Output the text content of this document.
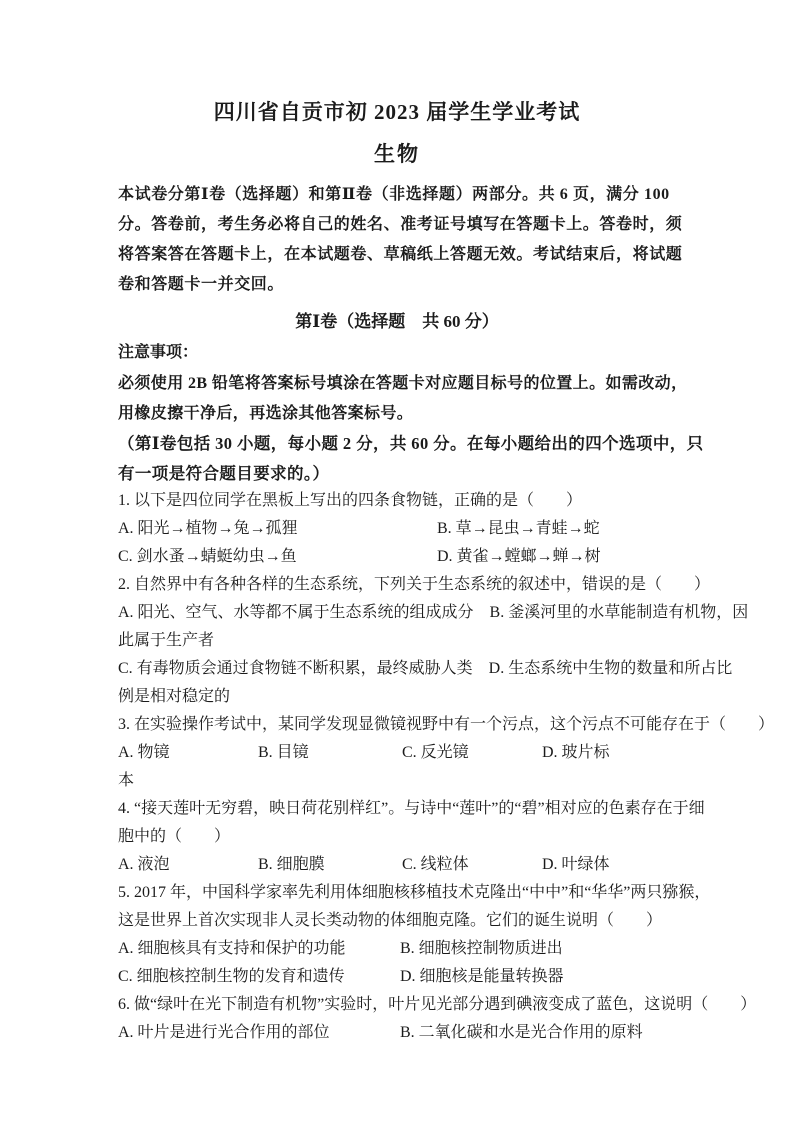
四川省自贡市初 2023 届学生学业考试
生物
本试卷分第Ⅰ卷（选择题）和第Ⅱ卷（非选择题）两部分。共 6 页，满分 100
分。答卷前，考生务必将自己的姓名、准考证号填写在答题卡上。答卷时，须
将答案答在答题卡上，在本试题卷、草稿纸上答题无效。考试结束后，将试题
卷和答题卡一并交回。
第Ⅰ卷（选择题　共 60 分）
注意事项：
必须使用 2B 铅笔将答案标号填涂在答题卡对应题目标号的位置上。如需改动，
用橡皮擦干净后，再选涂其他答案标号。
（第Ⅰ卷包括 30 小题，每小题 2 分，共 60 分。在每小题给出的四个选项中，只
有一项是符合题目要求的。）
1. 以下是四位同学在黑板上写出的四条食物链，正确的是（　　）
A. 阳光→植物→兔→孤狸	B. 草→昆虫→青蛙→蛇
C. 剑水蚤→蜻蜓幼虫→鱼	D. 黄雀→螳螂→蝉→树
2. 自然界中有各种各样的生态系统，下列关于生态系统的叙述中，错误的是（　　）
A. 阳光、空气、水等都不属于生态系统的组成成分　B. 釜溪河里的水草能制造有机物，因
此属于生产者
C. 有毒物质会通过食物链不断积累，最终威胁人类　D. 生态系统中生物的数量和所占比
例是相对稳定的
3. 在实验操作考试中，某同学发现显微镜视野中有一个污点，这个污点不可能存在于（　　）
A. 物镜	B. 目镜	C. 反光镜	D. 玻片标
本
4. “接天莲叶无穷碧，映日荷花别样红”。与诗中“莲叶”的“碧”相对应的色素存在于细
胞中的（　　）
A. 液泡	B. 细胞膜	C. 线粒体	D. 叶绿体
5. 2017 年，中国科学家率先利用体细胞核移植技术克隆出“中中”和“华华”两只猕猴，
这是世界上首次实现非人灵长类动物的体细胞克隆。它们的诞生说明（　　）
A. 细胞核具有支持和保护的功能	B. 细胞核控制物质进出
C. 细胞核控制生物的发育和遗传	D. 细胞核是能量转换器
6. 做“绿叶在光下制造有机物”实验时，叶片见光部分遇到碘液变成了蓝色，这说明（　　）
A. 叶片是进行光合作用的部位	B. 二氧化碳和水是光合作用的原料
